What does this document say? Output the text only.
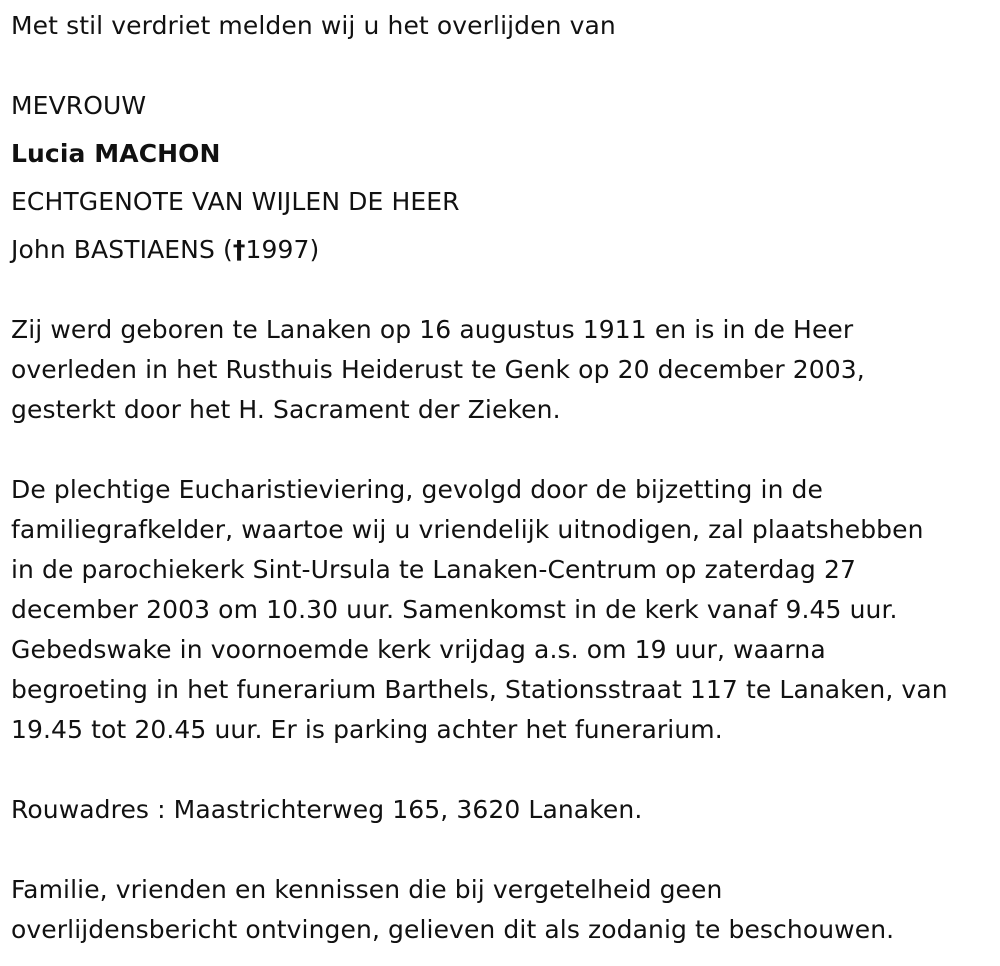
Met stil verdriet melden wij u het overlijden van
MEVROUW
Lucia MACHON
ECHTGENOTE VAN WIJLEN DE HEER
John BASTIAENS (†1997)
Zij werd geboren te Lanaken op 16 augustus 1911 en is in de Heer
overleden in het Rusthuis Heiderust te Genk op 20 december 2003,
gesterkt door het H. Sacrament der Zieken.
De plechtige Eucharistieviering, gevolgd door de bijzetting in de
familiegrafkelder, waartoe wij u vriendelijk uitnodigen, zal plaatshebben
in de parochiekerk Sint-Ursula te Lanaken-Centrum op zaterdag 27
december 2003 om 10.30 uur. Samenkomst in de kerk vanaf 9.45 uur.
Gebedswake in voornoemde kerk vrijdag a.s. om 19 uur, waarna
begroeting in het funerarium Barthels, Stationsstraat 117 te Lanaken, van
19.45 tot 20.45 uur. Er is parking achter het funerarium.
Rouwadres : Maastrichterweg 165, 3620 Lanaken.
Familie, vrienden en kennissen die bij vergetelheid geen
overlijdensbericht ontvingen, gelieven dit als zodanig te beschouwen.
